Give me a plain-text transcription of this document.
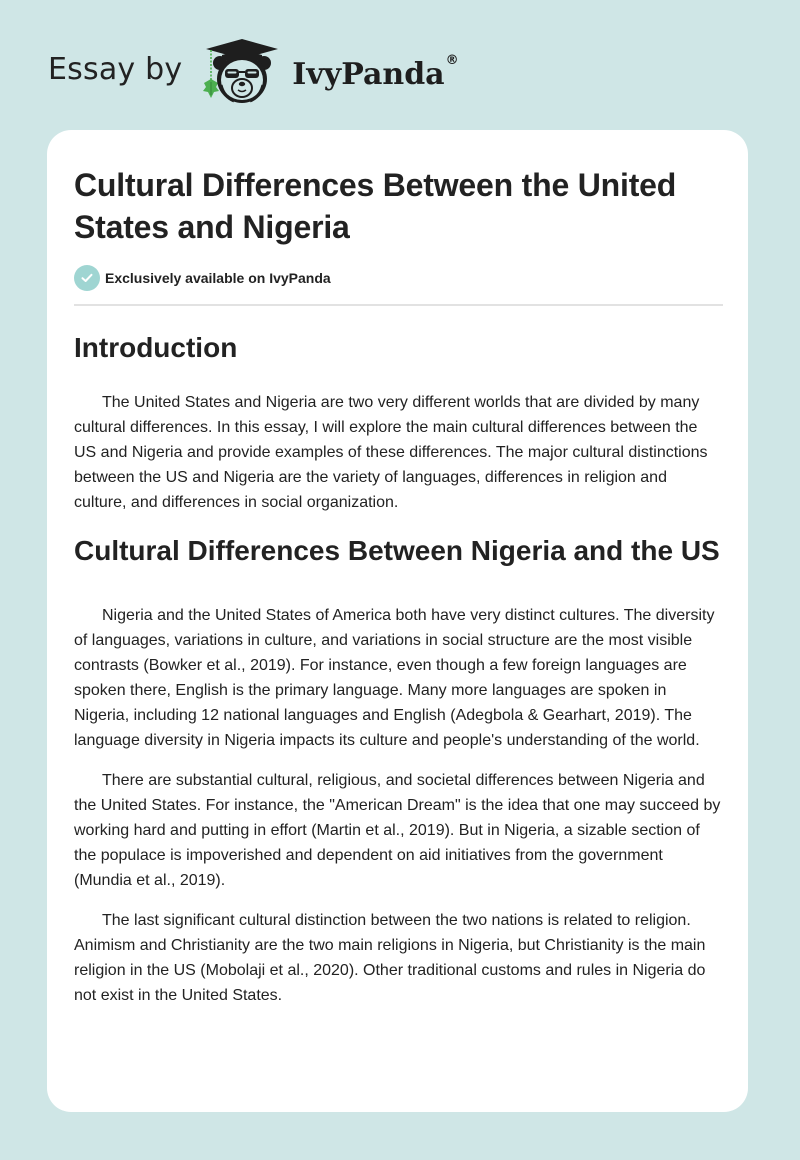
Essay by	IvyPanda®
Cultural Differences Between the United States and Nigeria
Exclusively available on IvyPanda
Introduction

The United States and Nigeria are two very different worlds that are divided by many cultural differences. In this essay, I will explore the main cultural differences between the US and Nigeria and provide examples of these differences. The major cultural distinctions between the US and Nigeria are the variety of languages, differences in religion and culture, and differences in social organization.

Cultural Differences Between Nigeria and the US

Nigeria and the United States of America both have very distinct cultures. The diversity of languages, variations in culture, and variations in social structure are the most visible contrasts (Bowker et al., 2019). For instance, even though a few foreign languages are spoken there, English is the primary language. Many more languages are spoken in Nigeria, including 12 national languages and English (Adegbola & Gearhart, 2019). The language diversity in Nigeria impacts its culture and people's understanding of the world.

There are substantial cultural, religious, and societal differences between Nigeria and the United States. For instance, the "American Dream" is the idea that one may succeed by working hard and putting in effort (Martin et al., 2019). But in Nigeria, a sizable section of the populace is impoverished and dependent on aid initiatives from the government (Mundia et al., 2019).

The last significant cultural distinction between the two nations is related to religion. Animism and Christianity are the two main religions in Nigeria, but Christianity is the main religion in the US (Mobolaji et al., 2020). Other traditional customs and rules in Nigeria do not exist in the United States.
